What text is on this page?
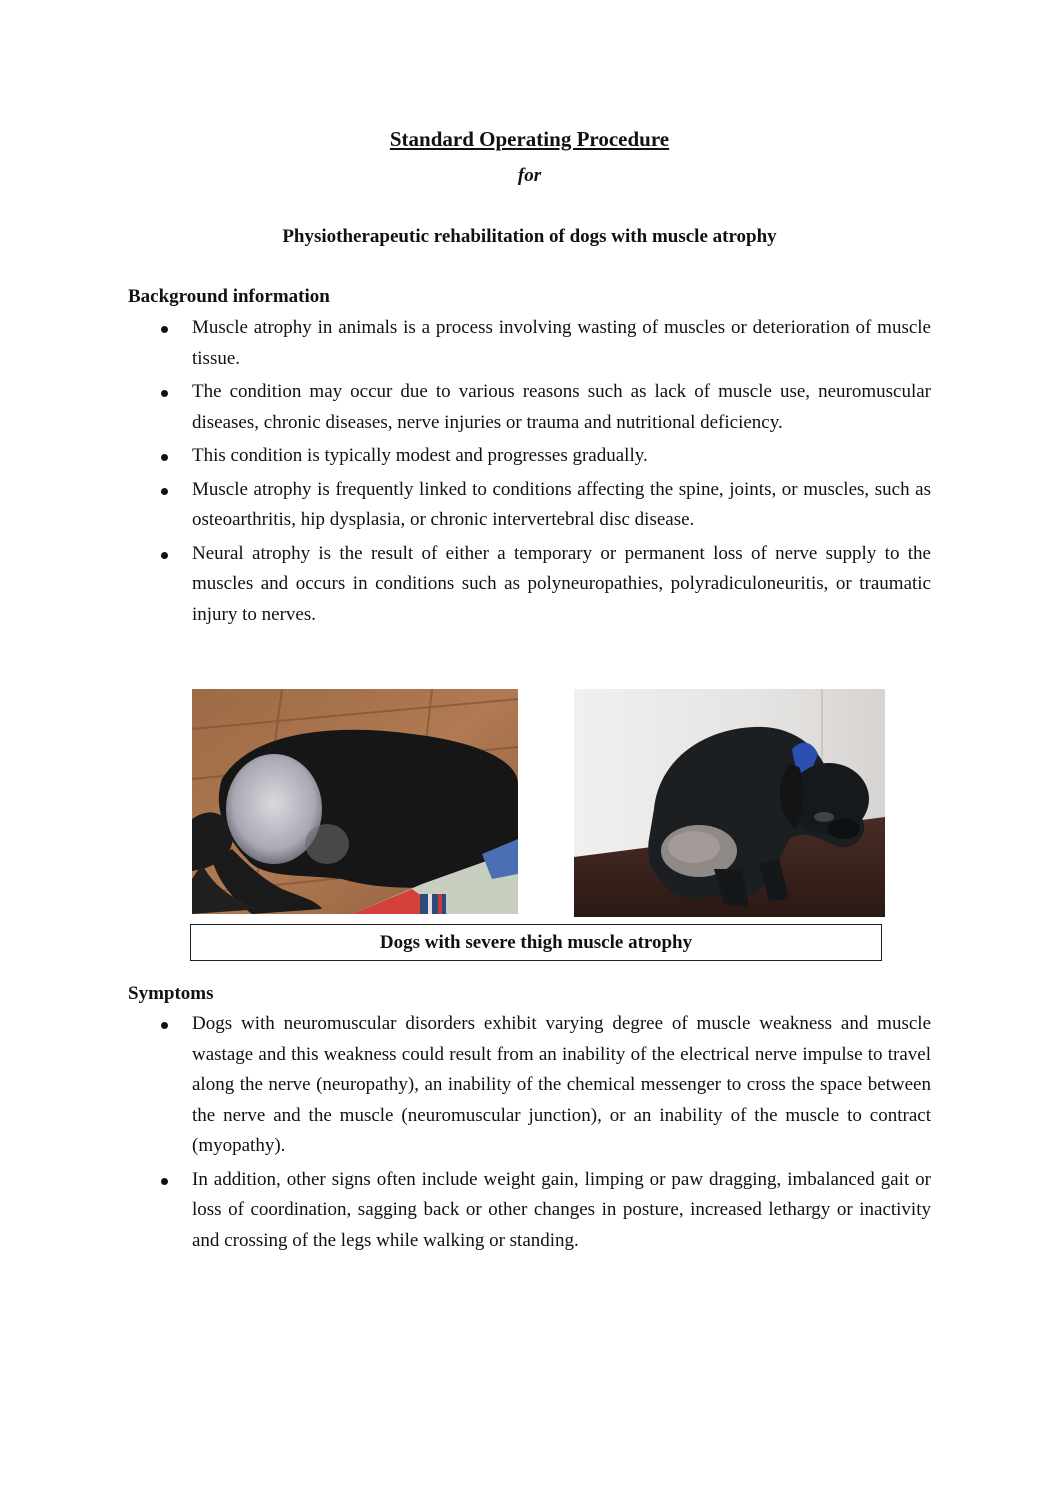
Standard Operating Procedure
for
Physiotherapeutic rehabilitation of dogs with muscle atrophy
Background information
Muscle atrophy in animals is a process involving wasting of muscles or deterioration of muscle tissue.
The condition may occur due to various reasons such as lack of muscle use, neuromuscular diseases, chronic diseases, nerve injuries or trauma and nutritional deficiency.
This condition is typically modest and progresses gradually.
Muscle atrophy is frequently linked to conditions affecting the spine, joints, or muscles, such as osteoarthritis, hip dysplasia, or chronic intervertebral disc disease.
Neural atrophy is the result of either a temporary or permanent loss of nerve supply to the muscles and occurs in conditions such as polyneuropathies, polyradiculoneuritis, or traumatic injury to nerves.
Dogs with severe thigh muscle atrophy
Symptoms
Dogs with neuromuscular disorders exhibit varying degree of muscle weakness and muscle wastage and this weakness could result from an inability of the electrical nerve impulse to travel along the nerve (neuropathy), an inability of the chemical messenger to cross the space between the nerve and the muscle (neuromuscular junction), or an inability of the muscle to contract (myopathy).
In addition, other signs often include weight gain, limping or paw dragging, imbalanced gait or loss of coordination, sagging back or other changes in posture, increased lethargy or inactivity and crossing of the legs while walking or standing.
